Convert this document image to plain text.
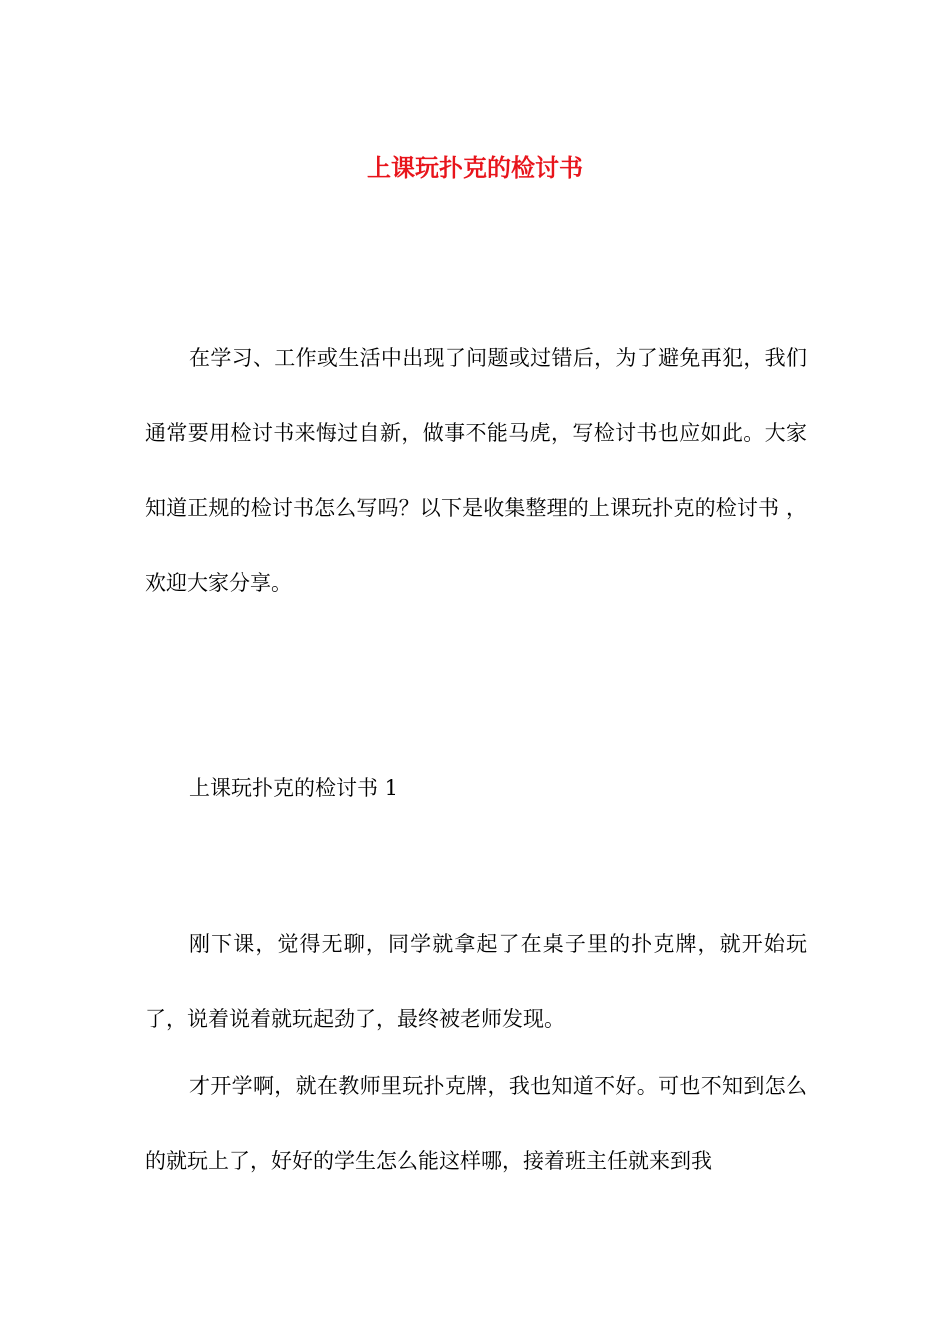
上课玩扑克的检讨书

在学习、工作或生活中出现了问题或过错后，为了避免再犯，我们通常要用检讨书来悔过自新，做事不能马虎，写检讨书也应如此。大家知道正规的检讨书怎么写吗？以下是收集整理的上课玩扑克的检讨书 ，欢迎大家分享。

上课玩扑克的检讨书 1

刚下课，觉得无聊，同学就拿起了在桌子里的扑克牌，就开始玩了，说着说着就玩起劲了，最终被老师发现。

才开学啊，就在教师里玩扑克牌，我也知道不好。可也不知到怎么的就玩上了，好好的学生怎么能这样哪，接着班主任就来到我
